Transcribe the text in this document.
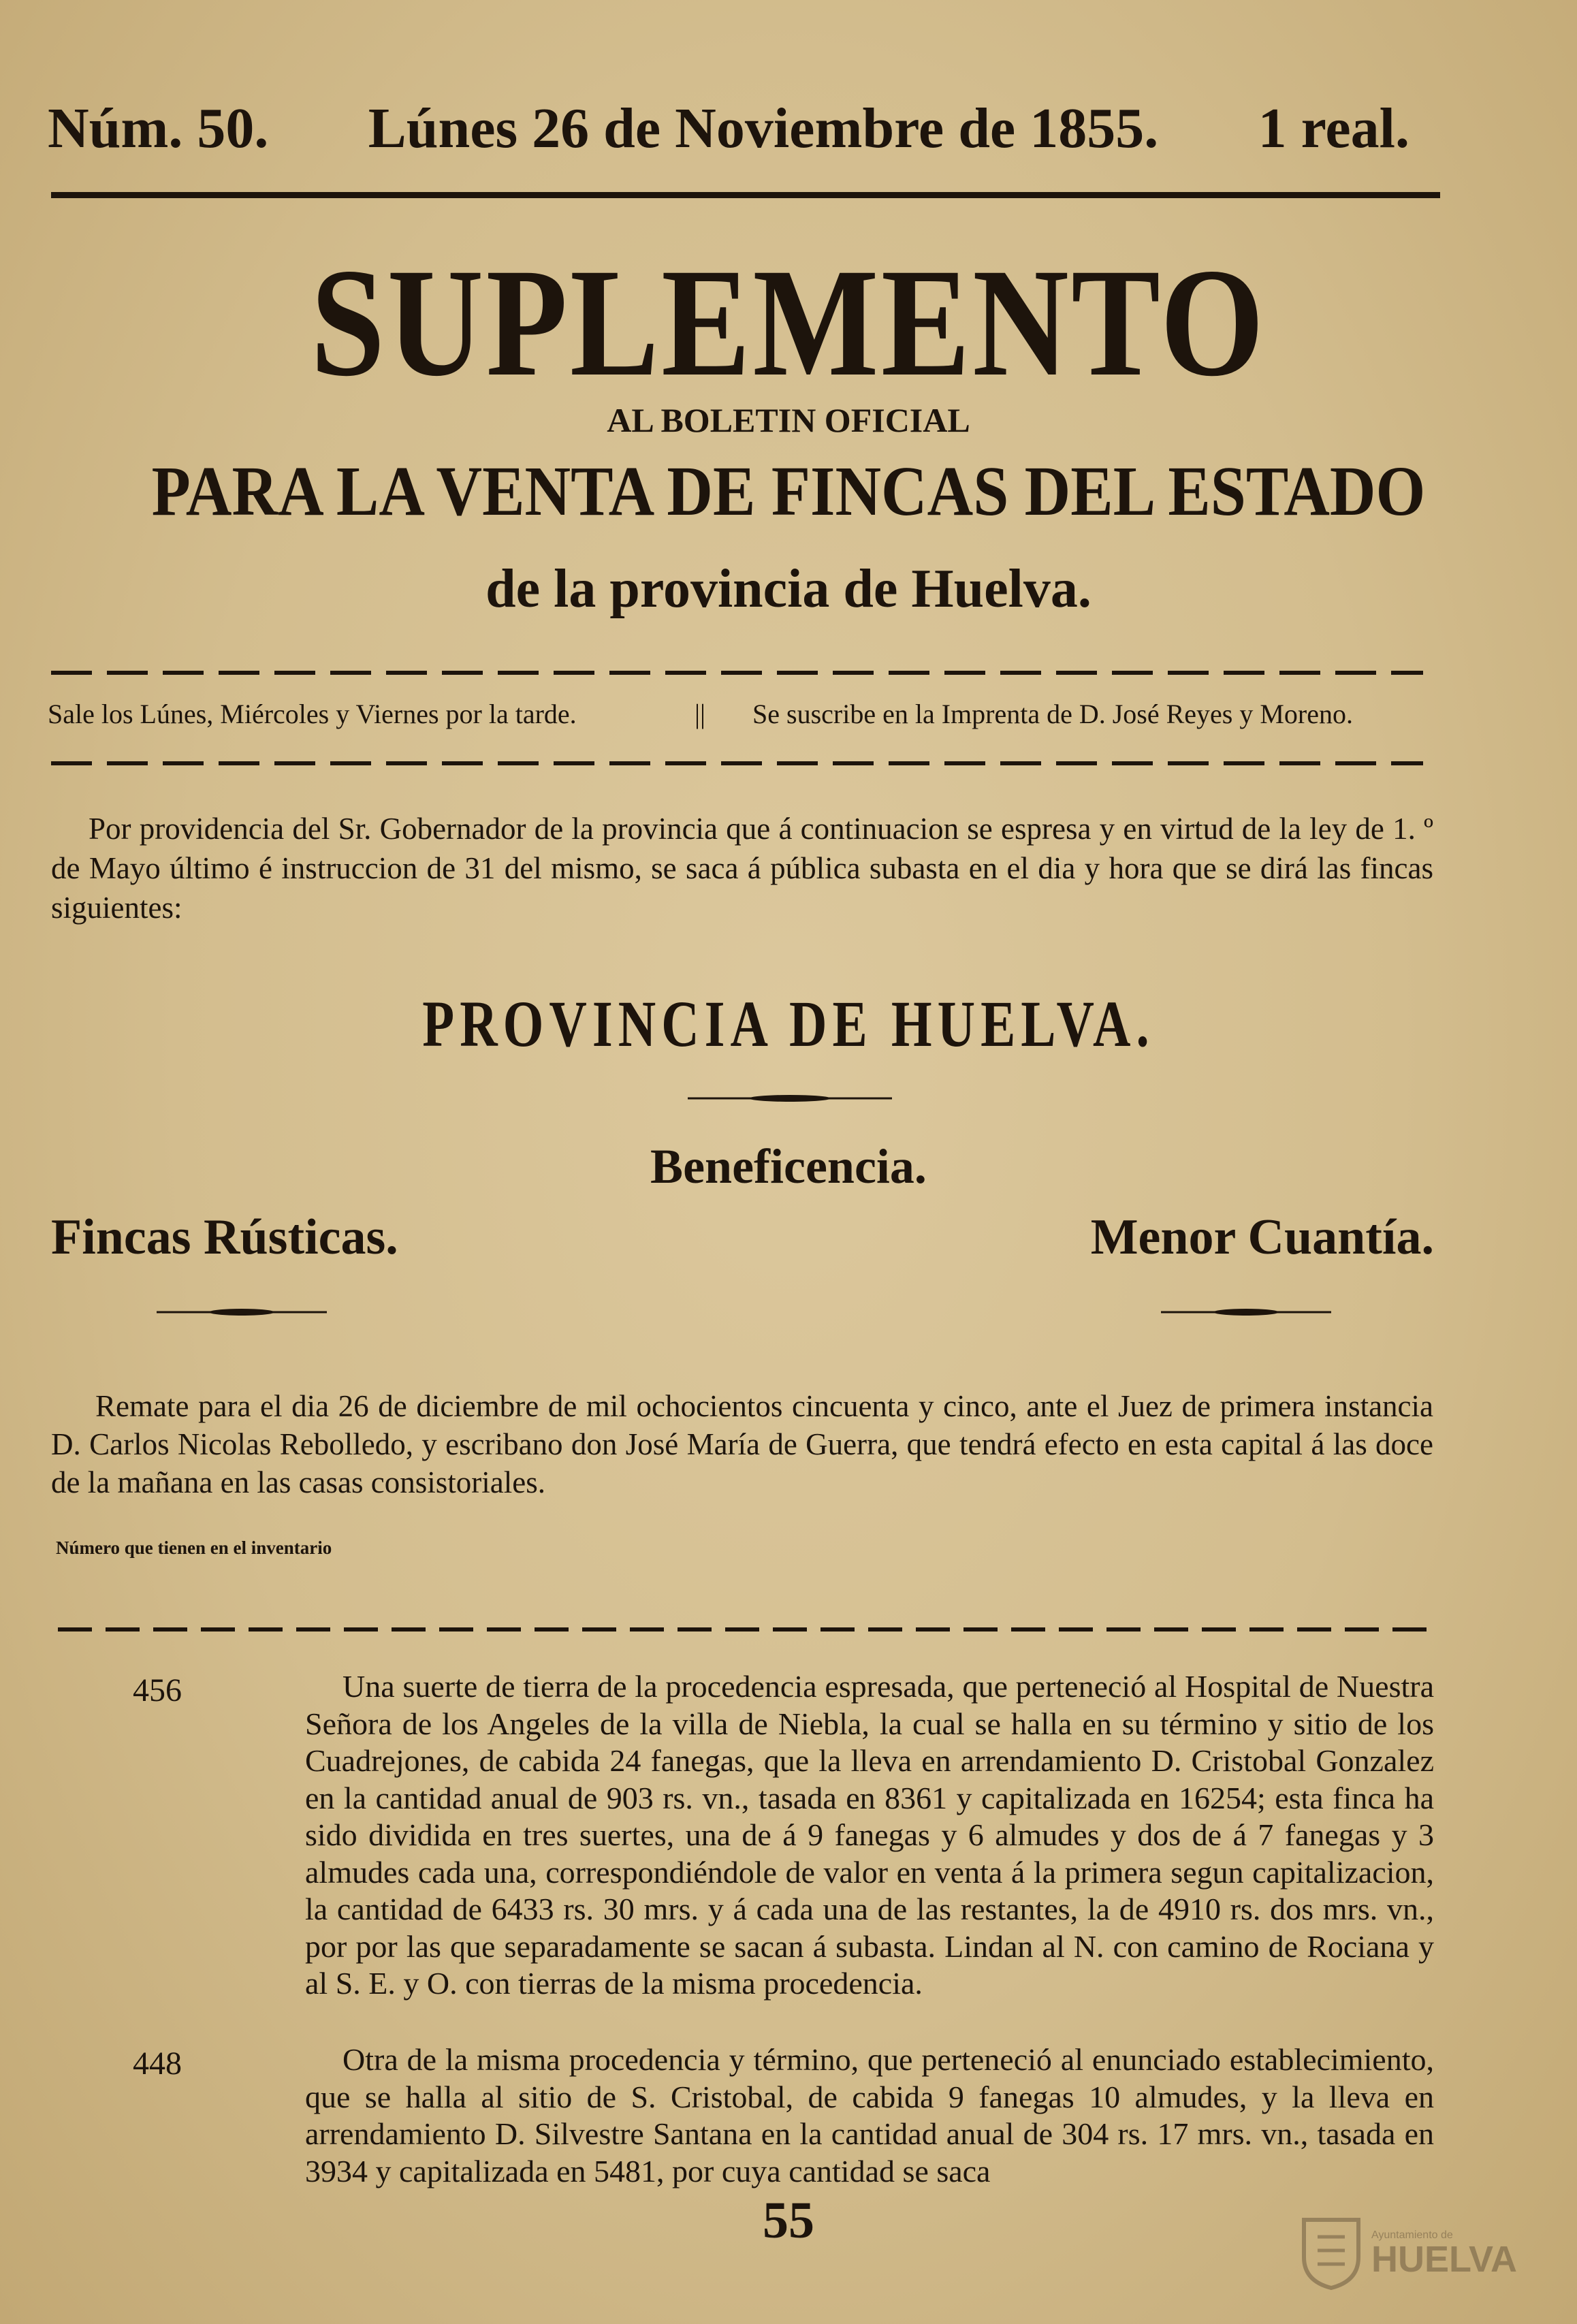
Núm. 50. Lúnes 26 de Noviembre de 1855. 1 real.
SUPLEMENTO
AL BOLETIN OFICIAL
PARA LA VENTA DE FINCAS DEL ESTADO
de la provincia de Huelva.
Sale los Lúnes, Miércoles y Viernes por la tarde.	|| Se suscribe en la Imprenta de D. José Reyes y Moreno.
Por providencia del Sr. Gobernador de la provincia que á continuacion se espresa y en virtud de la ley de 1. º de Mayo último é instruccion de 31 del mismo, se saca á pública subasta en el dia y hora que se dirá las fincas siguientes:
PROVINCIA DE HUELVA.
Beneficencia.
Fincas Rústicas.	Menor Cuantía.
Remate para el dia 26 de diciembre de mil ochocientos cincuenta y cinco, ante el Juez de primera instancia D. Carlos Nicolas Rebolledo, y escribano don José María de Guerra, que tendrá efecto en esta capital á las doce de la mañana en las casas consistoriales.
Número que tienen en el inventario
456	Una suerte de tierra de la procedencia espresada, que perteneció al Hospital de Nuestra Señora de los Angeles de la villa de Niebla, la cual se halla en su término y sitio de los Cuadrejones, de cabida 24 fanegas, que la lleva en arrendamiento D. Cristobal Gonzalez en la cantidad anual de 903 rs. vn., tasada en 8361 y capitalizada en 16254; esta finca ha sido dividida en tres suertes, una de á 9 fanegas y 6 almudes y dos de á 7 fanegas y 3 almudes cada una, correspondiéndole de valor en venta á la primera segun capitalizacion, la cantidad de 6433 rs. 30 mrs. y á cada una de las restantes, la de 4910 rs. dos mrs. vn., por por las que separadamente se sacan á subasta. Lindan al N. con camino de Rociana y al S. E. y O. con tierras de la misma procedencia.
448	Otra de la misma procedencia y término, que perteneció al enunciado establecimiento, que se halla al sitio de S. Cristobal, de cabida 9 fanegas 10 almudes, y la lleva en arrendamiento D. Silvestre Santana en la cantidad anual de 304 rs. 17 mrs. vn., tasada en 3934 y capitalizada en 5481, por cuya cantidad se saca
55	Ayuntamiento de
HUELVA
